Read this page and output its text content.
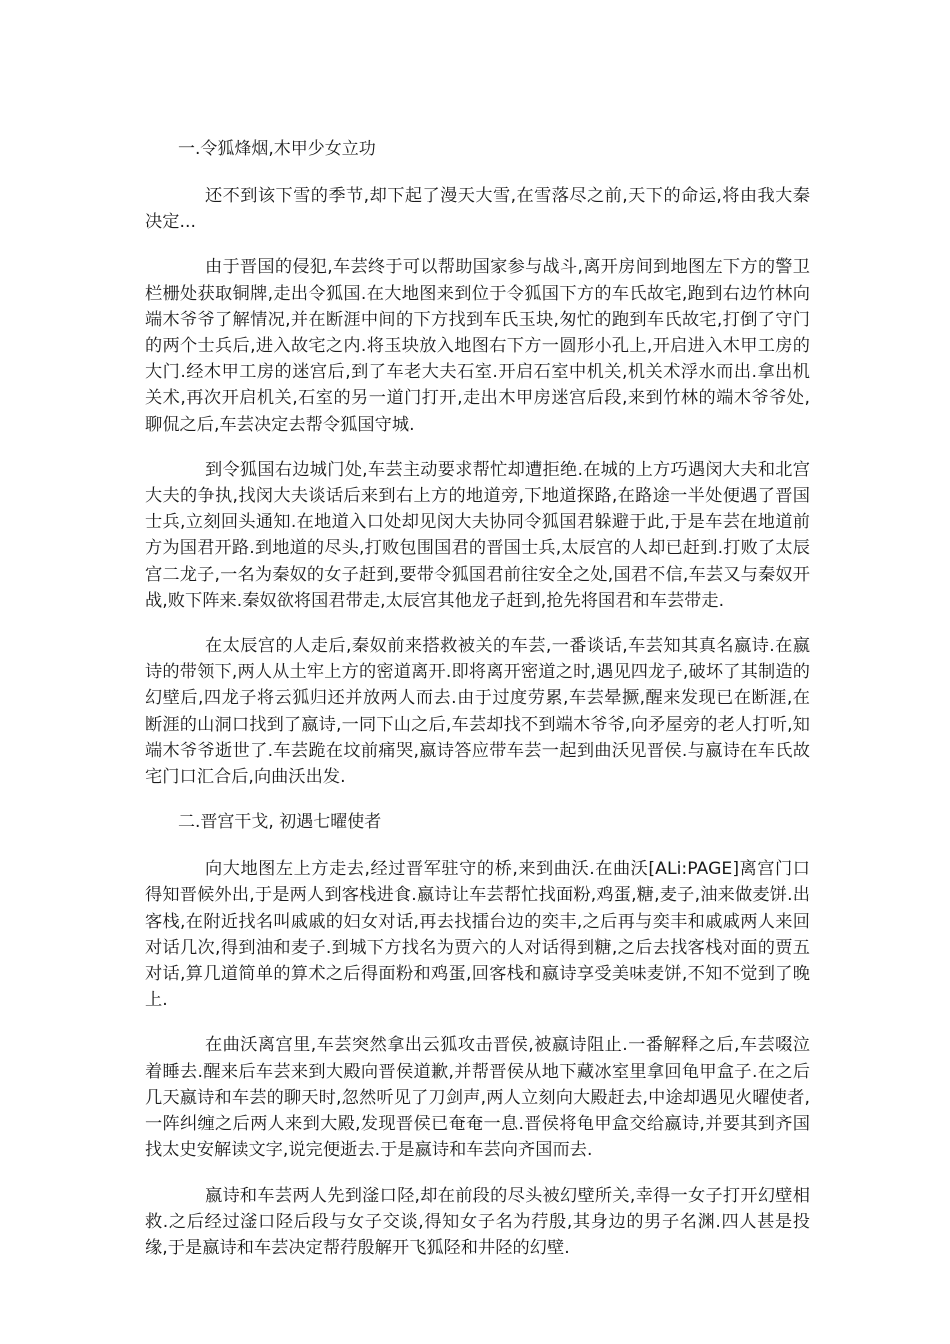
一.令狐烽烟,木甲少女立功

还不到该下雪的季节,却下起了漫天大雪,在雪落尽之前,天下的命运,将由我大秦决定...

由于晋国的侵犯,车芸终于可以帮助国家参与战斗,离开房间到地图左下方的警卫栏栅处获取铜牌,走出令狐国.在大地图来到位于令狐国下方的车氏故宅,跑到右边竹林向端木爷爷了解情况,并在断涯中间的下方找到车氏玉块,匆忙的跑到车氏故宅,打倒了守门的两个士兵后,进入故宅之内.将玉块放入地图右下方一圆形小孔上,开启进入木甲工房的大门.经木甲工房的迷宫后,到了车老大夫石室.开启石室中机关,机关术浮水而出.拿出机关术,再次开启机关,石室的另一道门打开,走出木甲房迷宫后段,来到竹林的端木爷爷处,聊侃之后,车芸决定去帮令狐国守城.

到令狐国右边城门处,车芸主动要求帮忙却遭拒绝.在城的上方巧遇闵大夫和北宫大夫的争执,找闵大夫谈话后来到右上方的地道旁,下地道探路,在路途一半处便遇了晋国士兵,立刻回头通知.在地道入口处却见闵大夫协同令狐国君躲避于此,于是车芸在地道前方为国君开路.到地道的尽头,打败包围国君的晋国士兵,太辰宫的人却已赶到.打败了太辰宫二龙子,一名为秦奴的女子赶到,要带令狐国君前往安全之处,国君不信,车芸又与秦奴开战,败下阵来.秦奴欲将国君带走,太辰宫其他龙子赶到,抢先将国君和车芸带走.

在太辰宫的人走后,秦奴前来搭救被关的车芸,一番谈话,车芸知其真名嬴诗.在嬴诗的带领下,两人从土牢上方的密道离开.即将离开密道之时,遇见四龙子,破坏了其制造的幻壁后,四龙子将云狐归还并放两人而去.由于过度劳累,车芸晕撅,醒来发现已在断涯,在断涯的山洞口找到了嬴诗,一同下山之后,车芸却找不到端木爷爷,向矛屋旁的老人打听,知端木爷爷逝世了.车芸跪在坟前痛哭,嬴诗答应带车芸一起到曲沃见晋侯.与嬴诗在车氏故宅门口汇合后,向曲沃出发.

二.晋宫干戈, 初遇七曜使者

向大地图左上方走去,经过晋军驻守的桥,来到曲沃.在曲沃[ALi:PAGE]离宫门口得知晋候外出,于是两人到客栈进食.嬴诗让车芸帮忙找面粉,鸡蛋,糖,麦子,油来做麦饼.出客栈,在附近找名叫戚戚的妇女对话,再去找擂台边的奕丰,之后再与奕丰和戚戚两人来回对话几次,得到油和麦子.到城下方找名为贾六的人对话得到糖,之后去找客栈对面的贾五对话,算几道简单的算术之后得面粉和鸡蛋,回客栈和嬴诗享受美味麦饼,不知不觉到了晚上.

在曲沃离宫里,车芸突然拿出云狐攻击晋侯,被嬴诗阻止.一番解释之后,车芸啜泣着睡去.醒来后车芸来到大殿向晋侯道歉,并帮晋侯从地下藏冰室里拿回龟甲盒子.在之后几天嬴诗和车芸的聊天时,忽然听见了刀剑声,两人立刻向大殿赶去,中途却遇见火曜使者,一阵纠缠之后两人来到大殿,发现晋侯已奄奄一息.晋侯将龟甲盒交给嬴诗,并要其到齐国找太史安解读文字,说完便逝去.于是嬴诗和车芸向齐国而去.

嬴诗和车芸两人先到滏口陉,却在前段的尽头被幻壁所关,幸得一女子打开幻壁相救.之后经过滏口陉后段与女子交谈,得知女子名为荇殷,其身边的男子名渊.四人甚是投缘,于是嬴诗和车芸决定帮荇殷解开飞狐陉和井陉的幻壁.
